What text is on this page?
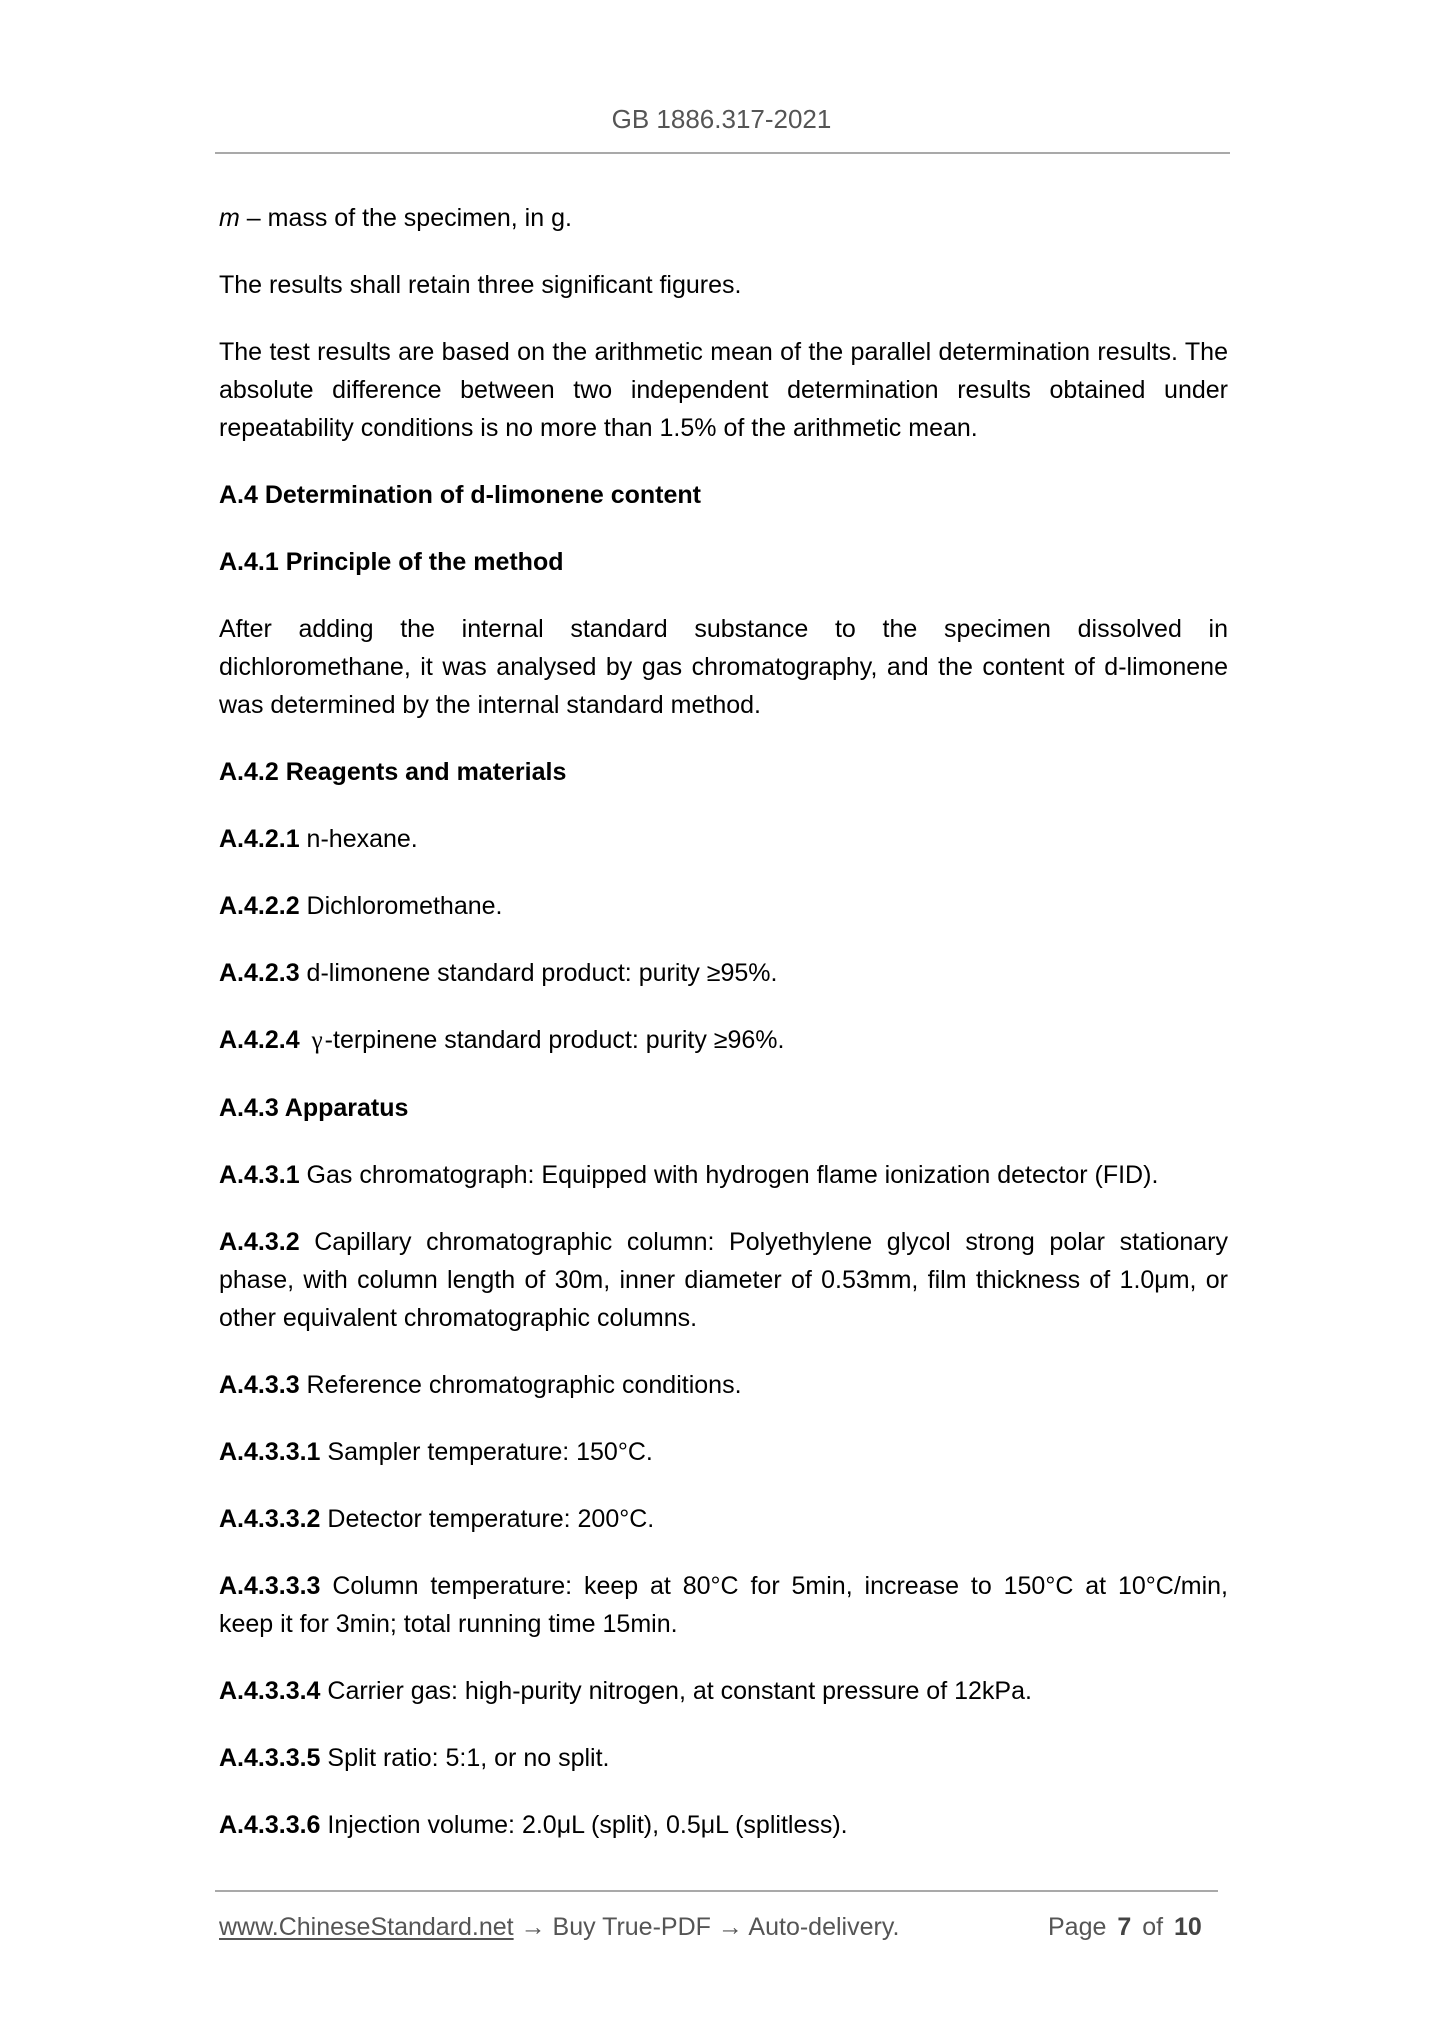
GB 1886.317-2021

m – mass of the specimen, in g.

The results shall retain three significant figures.

The test results are based on the arithmetic mean of the parallel determination results. The absolute difference between two independent determination results obtained under repeatability conditions is no more than 1.5% of the arithmetic mean.

A.4 Determination of d-limonene content

A.4.1 Principle of the method

After adding the internal standard substance to the specimen dissolved in dichloromethane, it was analysed by gas chromatography, and the content of d-limonene was determined by the internal standard method.

A.4.2 Reagents and materials

A.4.2.1 n-hexane.

A.4.2.2 Dichloromethane.

A.4.2.3 d-limonene standard product: purity ≥95%.

A.4.2.4 γ-terpinene standard product: purity ≥96%.

A.4.3 Apparatus

A.4.3.1 Gas chromatograph: Equipped with hydrogen flame ionization detector (FID).

A.4.3.2 Capillary chromatographic column: Polyethylene glycol strong polar stationary phase, with column length of 30m, inner diameter of 0.53mm, film thickness of 1.0μm, or other equivalent chromatographic columns.

A.4.3.3 Reference chromatographic conditions.

A.4.3.3.1 Sampler temperature: 150°C.

A.4.3.3.2 Detector temperature: 200°C.

A.4.3.3.3 Column temperature: keep at 80°C for 5min, increase to 150°C at 10°C/min, keep it for 3min; total running time 15min.

A.4.3.3.4 Carrier gas: high-purity nitrogen, at constant pressure of 12kPa.

A.4.3.3.5 Split ratio: 5:1, or no split.

A.4.3.3.6 Injection volume: 2.0μL (split), 0.5μL (splitless).

www.ChineseStandard.net → Buy True-PDF → Auto-delivery.	Page 7 of 10
